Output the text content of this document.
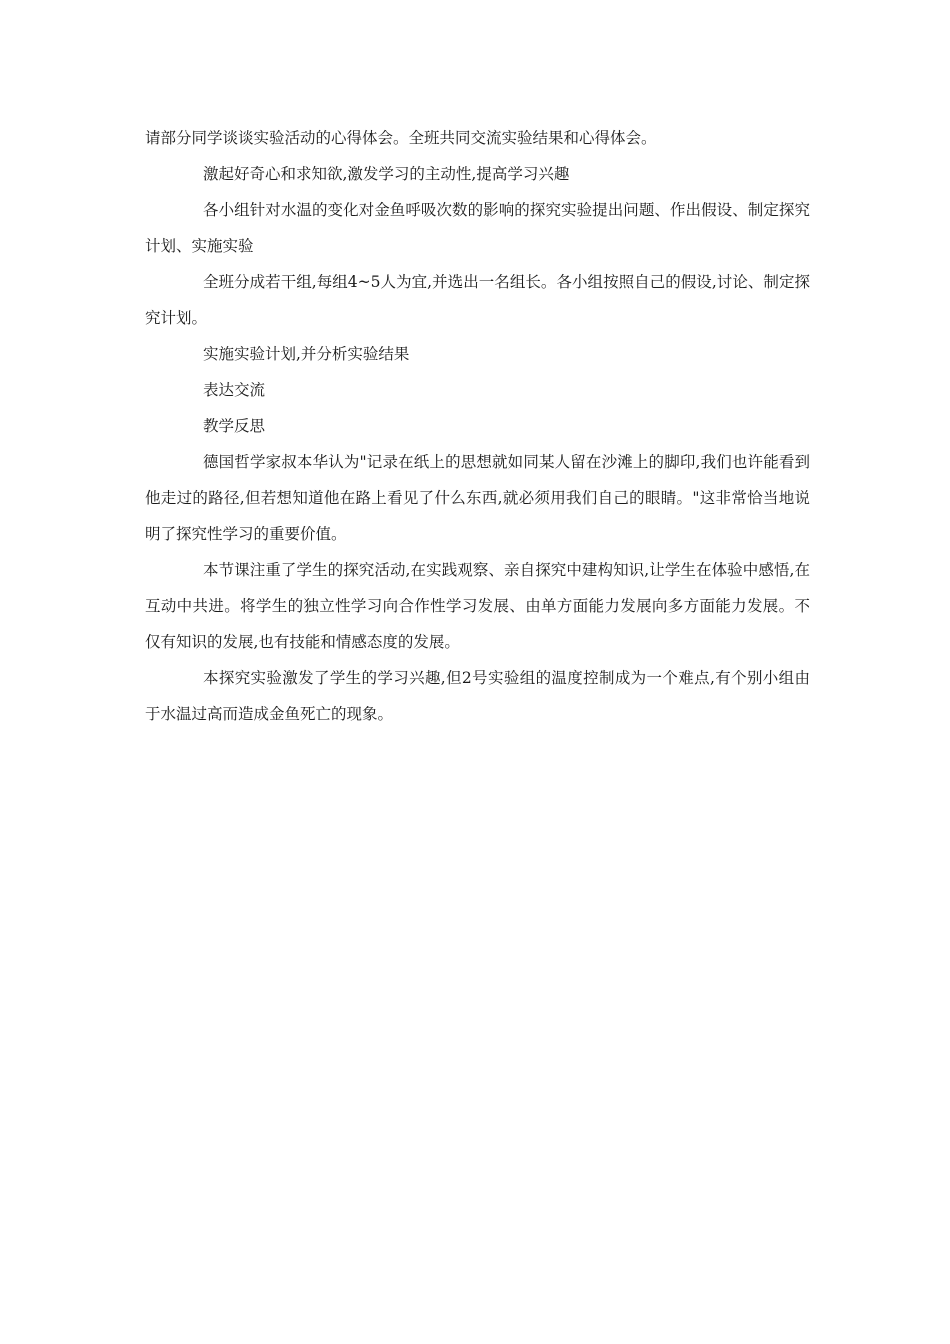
请部分同学谈谈实验活动的心得体会。全班共同交流实验结果和心得体会。

激起好奇心和求知欲,激发学习的主动性,提高学习兴趣

各小组针对水温的变化对金鱼呼吸次数的影响的探究实验提出问题、作出假设、制定探究计划、实施实验

全班分成若干组,每组4~5人为宜,并选出一名组长。各小组按照自己的假设,讨论、制定探究计划。

实施实验计划,并分析实验结果

表达交流

教学反思

德国哲学家叔本华认为"记录在纸上的思想就如同某人留在沙滩上的脚印,我们也许能看到他走过的路径,但若想知道他在路上看见了什么东西,就必须用我们自己的眼睛。"这非常恰当地说明了探究性学习的重要价值。

本节课注重了学生的探究活动,在实践观察、亲自探究中建构知识,让学生在体验中感悟,在互动中共进。将学生的独立性学习向合作性学习发展、由单方面能力发展向多方面能力发展。不仅有知识的发展,也有技能和情感态度的发展。

本探究实验激发了学生的学习兴趣,但2号实验组的温度控制成为一个难点,有个别小组由于水温过高而造成金鱼死亡的现象。
